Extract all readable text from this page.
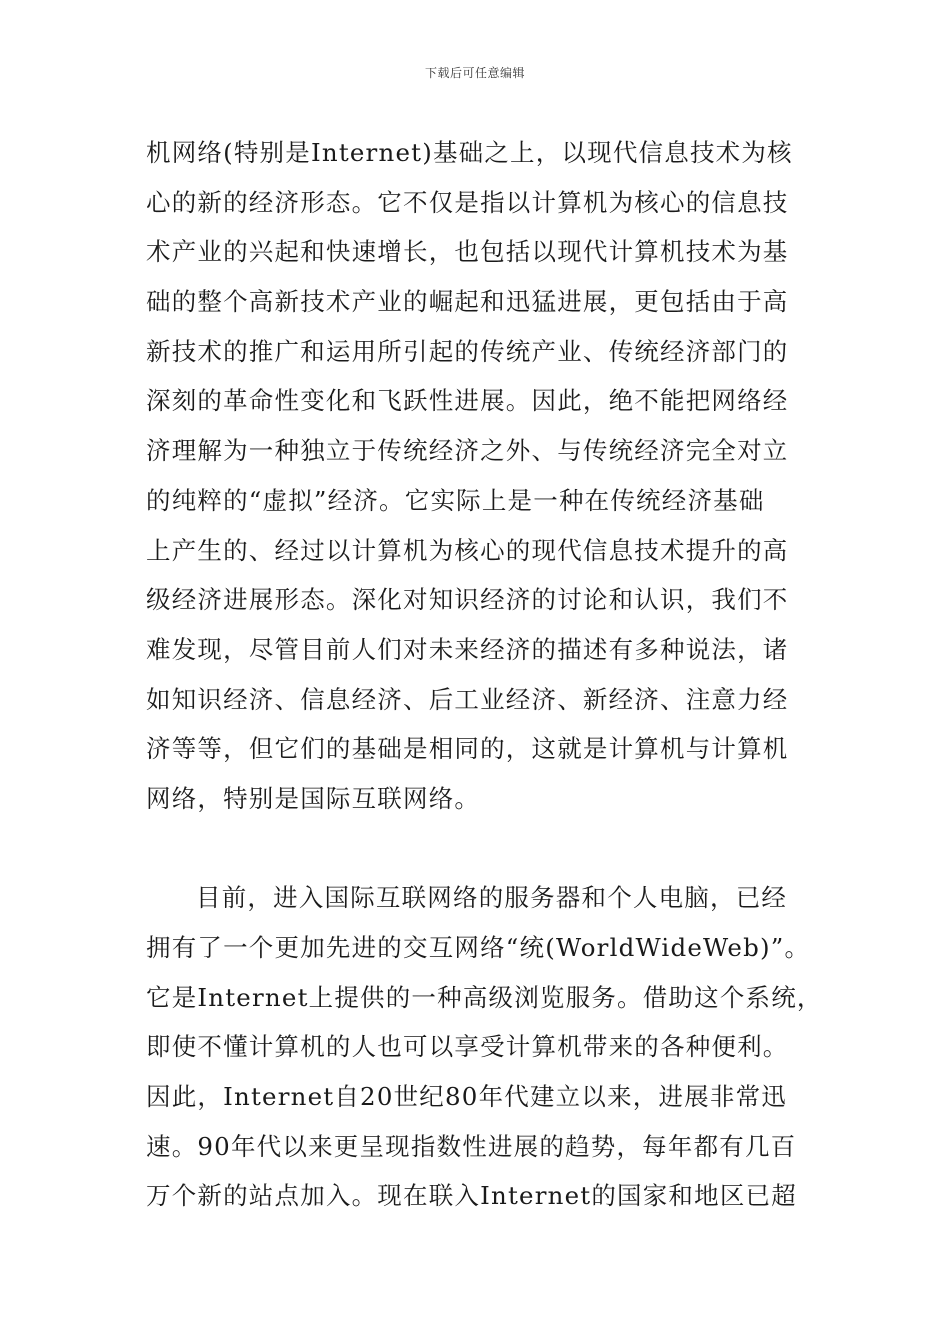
下载后可任意编辑
机网络(特别是Internet)基础之上，以现代信息技术为核
心的新的经济形态。它不仅是指以计算机为核心的信息技
术产业的兴起和快速增长，也包括以现代计算机技术为基
础的整个高新技术产业的崛起和迅猛进展，更包括由于高
新技术的推广和运用所引起的传统产业、传统经济部门的
深刻的革命性变化和飞跃性进展。因此，绝不能把网络经
济理解为一种独立于传统经济之外、与传统经济完全对立
的纯粹的“虚拟”经济。它实际上是一种在传统经济基础
上产生的、经过以计算机为核心的现代信息技术提升的高
级经济进展形态。深化对知识经济的讨论和认识，我们不
难发现，尽管目前人们对未来经济的描述有多种说法，诸
如知识经济、信息经济、后工业经济、新经济、注意力经
济等等，但它们的基础是相同的，这就是计算机与计算机
网络，特别是国际互联网络。
目前，进入国际互联网络的服务器和个人电脑，已经
拥有了一个更加先进的交互网络“统(WorldWideWeb)”。
它是Internet上提供的一种高级浏览服务。借助这个系统，
即使不懂计算机的人也可以享受计算机带来的各种便利。
因此，Internet自20世纪80年代建立以来，进展非常迅
速。90年代以来更呈现指数性进展的趋势，每年都有几百
万个新的站点加入。现在联入Internet的国家和地区已超
